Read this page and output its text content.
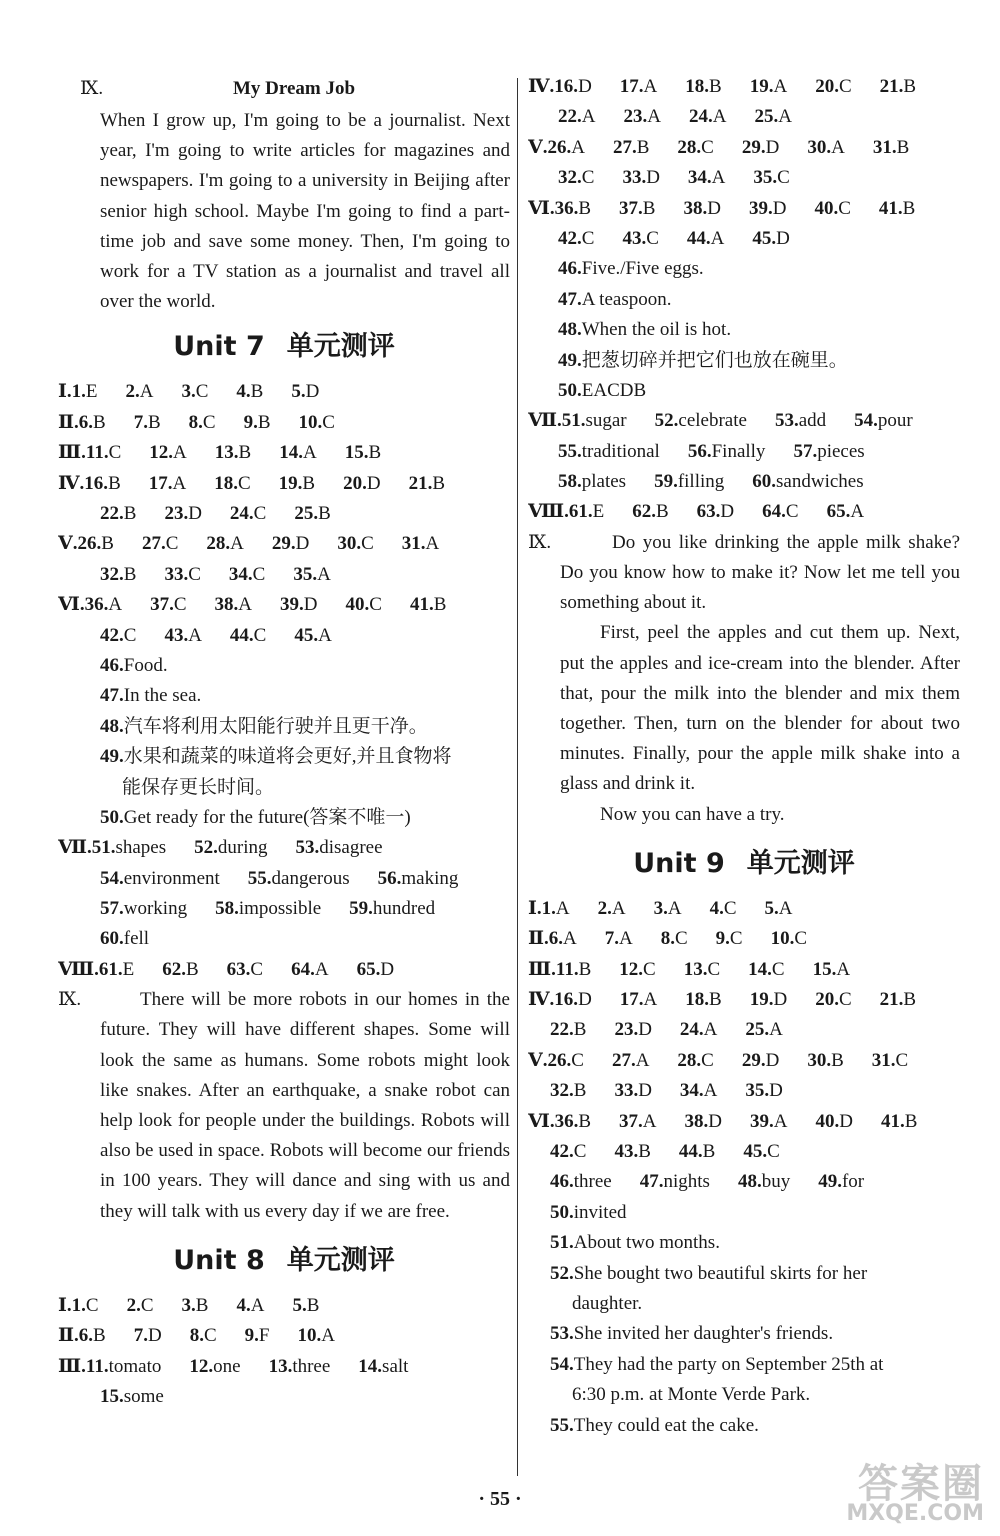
Ⅸ.	My Dream Job
When I grow up, I'm going to be a journalist. Next year, I'm going to write articles for magazines and newspapers. I'm going to a university in Beijing after senior high school. Maybe I'm going to find a part-time job and save some money. Then, I'm going to work for a TV station as a journalist and travel all over the world.
Unit 7 单元测评
Ⅰ.1.E 2.A 3.C 4.B 5.D
Ⅱ.6.B 7.B 8.C 9.B 10.C
Ⅲ.11.C 12.A 13.B 14.A 15.B
Ⅳ.16.B 17.A 18.C 19.B 20.D 21.B
22.B 23.D 24.C 25.B
Ⅴ.26.B 27.C 28.A 29.D 30.C 31.A
32.B 33.C 34.C 35.A
Ⅵ.36.A 37.C 38.A 39.D 40.C 41.B
42.C 43.A 44.C 45.A
46.Food.
47.In the sea.
48.汽车将利用太阳能行驶并且更干净。
49.水果和蔬菜的味道将会更好,并且食物将
能保存更长时间。
50.Get ready for the future(答案不唯一)
Ⅶ.51.shapes 52.during 53.disagree
54.environment 55.dangerous 56.making
57.working 58.impossible 59.hundred
60.fell
Ⅷ.61.E 62.B 63.C 64.A 65.D
Ⅸ.	There will be more robots in our homes in the future. They will have different shapes. Some will look the same as humans. Some robots might look like snakes. After an earthquake, a snake robot can help look for people under the buildings. Robots will also be used in space. Robots will become our friends in 100 years. They will dance and sing with us and they will talk with us every day if we are free.
Unit 8 单元测评
Ⅰ.1.C 2.C 3.B 4.A 5.B
Ⅱ.6.B 7.D 8.C 9.F 10.A
Ⅲ.11.tomato 12.one 13.three 14.salt
15.some
Ⅳ.16.D 17.A 18.B 19.A 20.C 21.B
22.A 23.A 24.A 25.A
Ⅴ.26.A 27.B 28.C 29.D 30.A 31.B
32.C 33.D 34.A 35.C
Ⅵ.36.B 37.B 38.D 39.D 40.C 41.B
42.C 43.C 44.A 45.D
46.Five./Five eggs.
47.A teaspoon.
48.When the oil is hot.
49.把葱切碎并把它们也放在碗里。
50.EACDB
Ⅶ.51.sugar 52.celebrate 53.add 54.pour
55.traditional 56.Finally 57.pieces
58.plates 59.filling 60.sandwiches
Ⅷ.61.E 62.B 63.D 64.C 65.A
Ⅸ.	Do you like drinking the apple milk shake? Do you know how to make it? Now let me tell you something about it.
First, peel the apples and cut them up. Next, put the apples and ice-cream into the blender. After that, pour the milk into the blender and mix them together. Then, turn on the blender for about two minutes. Finally, pour the apple milk shake into a glass and drink it.
Now you can have a try.
Unit 9 单元测评
Ⅰ.1.A 2.A 3.A 4.C 5.A
Ⅱ.6.A 7.A 8.C 9.C 10.C
Ⅲ.11.B 12.C 13.C 14.C 15.A
Ⅳ.16.D 17.A 18.B 19.D 20.C 21.B
22.B 23.D 24.A 25.A
Ⅴ.26.C 27.A 28.C 29.D 30.B 31.C
32.B 33.D 34.A 35.D
Ⅵ.36.B 37.A 38.D 39.A 40.D 41.B
42.C 43.B 44.B 45.C
46.three 47.nights 48.buy 49.for
50.invited
51.About two months.
52.She bought two beautiful skirts for her
daughter.
53.She invited her daughter's friends.
54.They had the party on September 25th at
6:30 p.m. at Monte Verde Park.
55.They could eat the cake.
· 55 ·	答案圈
MXQE.COM
